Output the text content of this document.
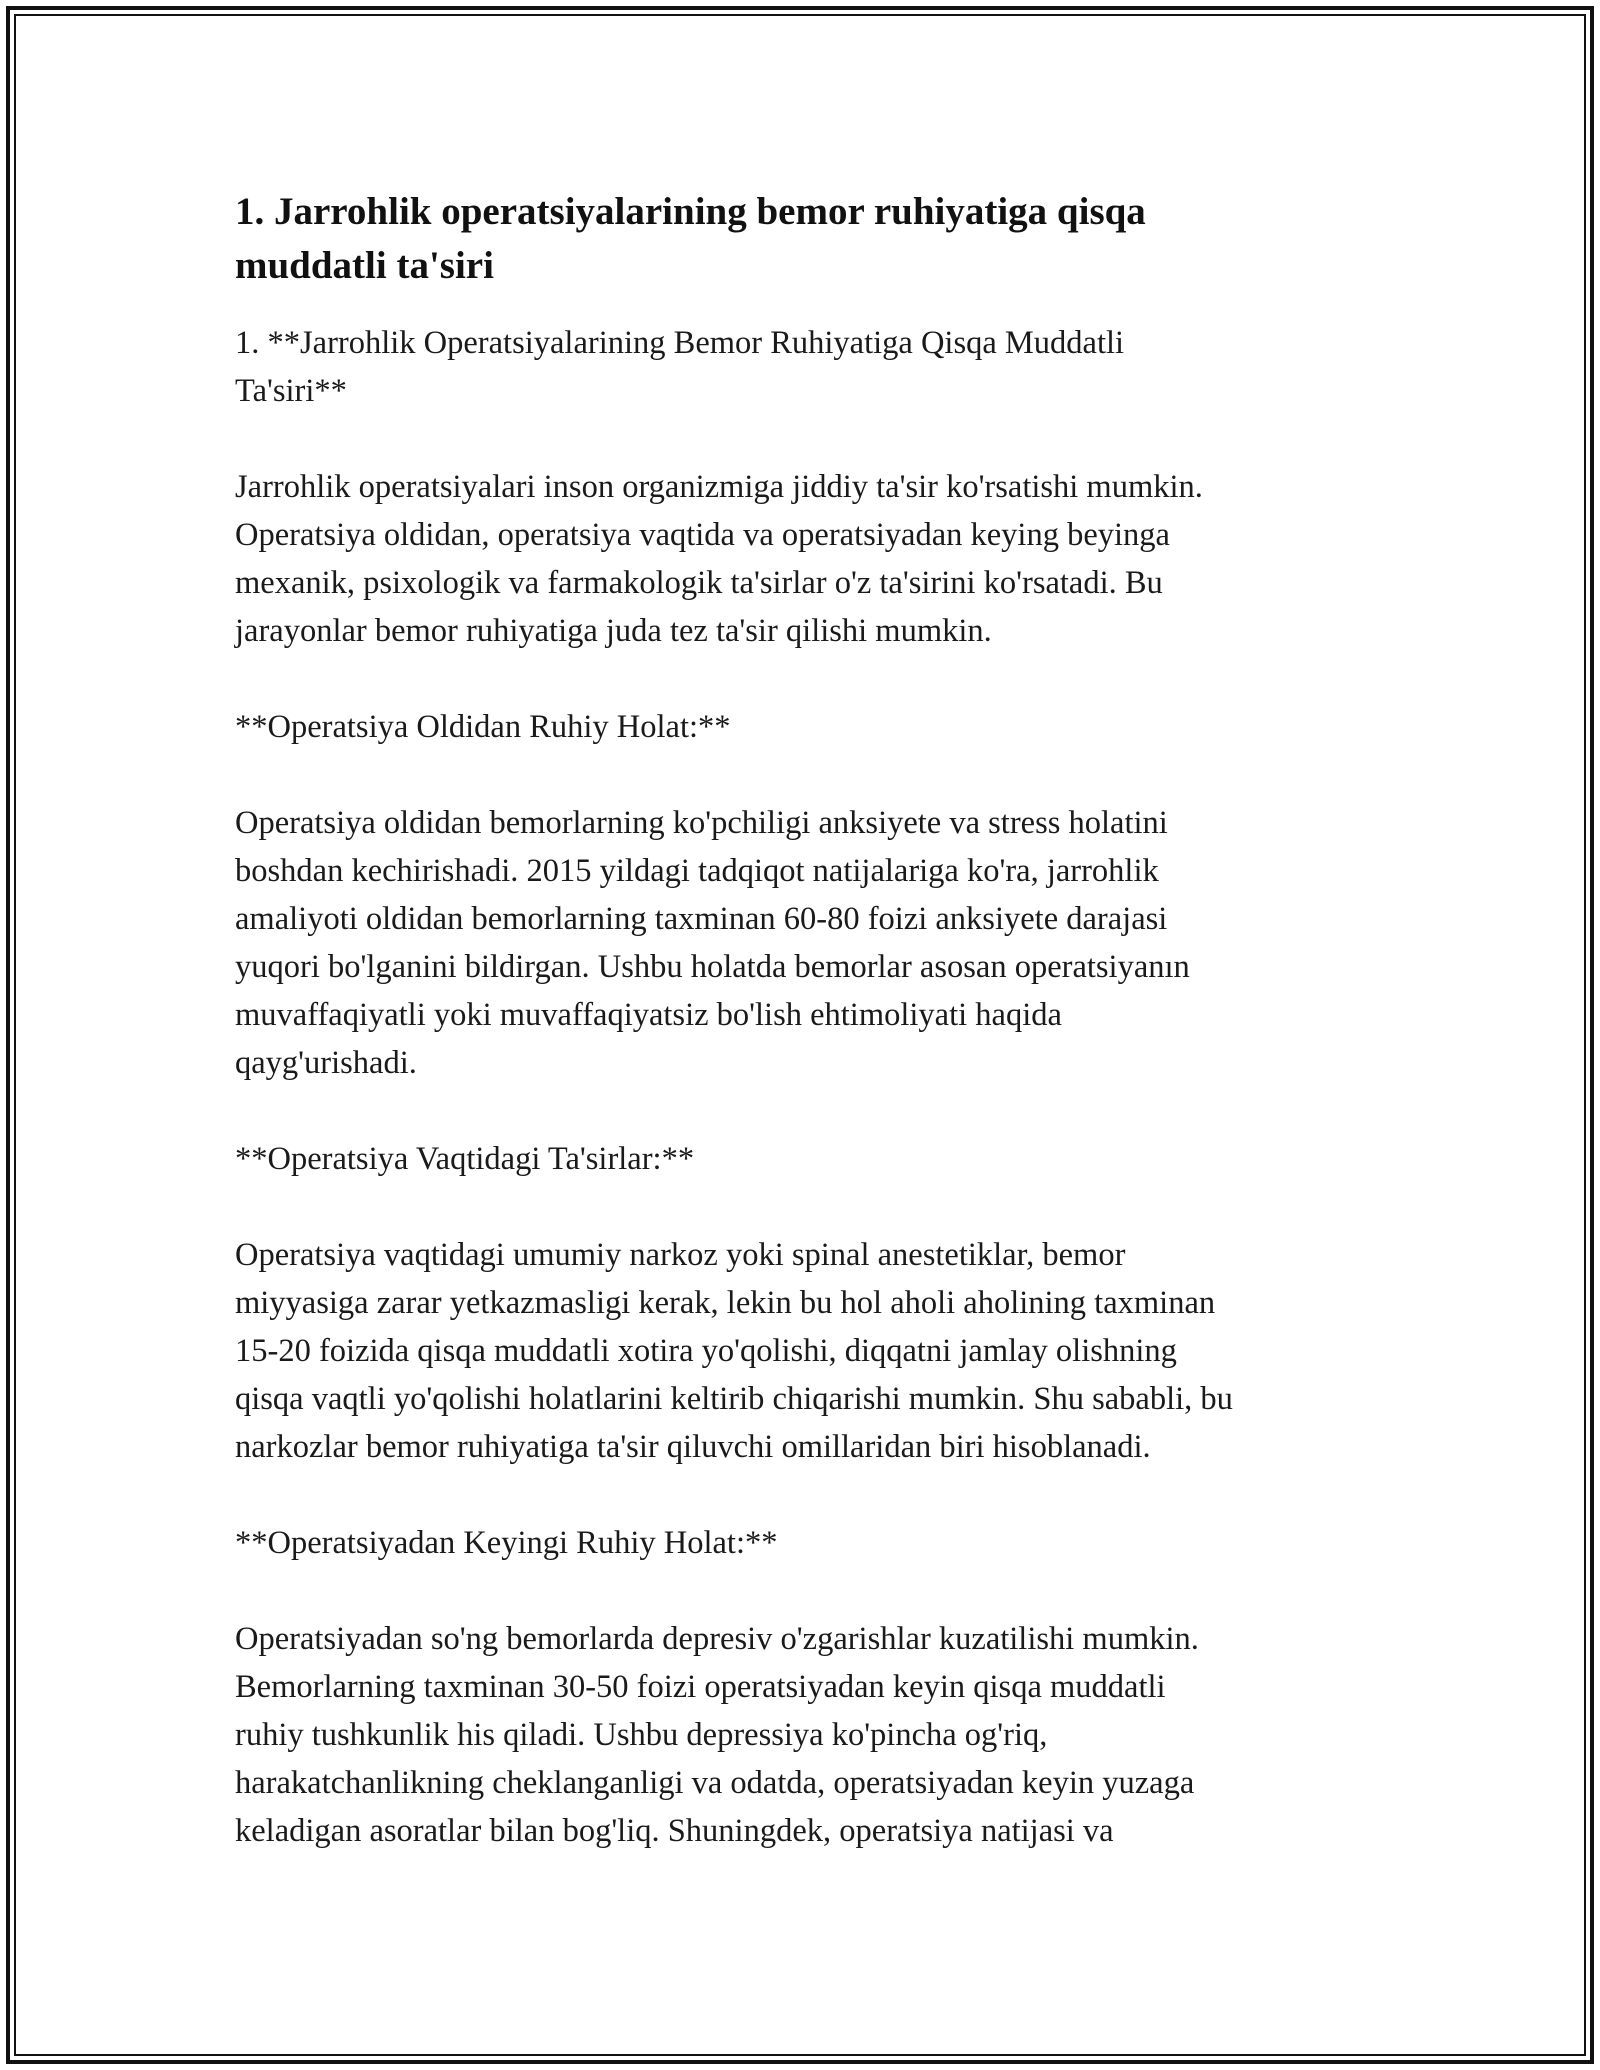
1. Jarrohlik operatsiyalarining bemor ruhiyatiga qisqa
muddatli ta'siri

1. **Jarrohlik Operatsiyalarining Bemor Ruhiyatiga Qisqa Muddatli
Ta'siri**

Jarrohlik operatsiyalari inson organizmiga jiddiy ta'sir ko'rsatishi mumkin.
Operatsiya oldidan, operatsiya vaqtida va operatsiyadan keying beyinga
mexanik, psixologik va farmakologik ta'sirlar o'z ta'sirini ko'rsatadi. Bu
jarayonlar bemor ruhiyatiga juda tez ta'sir qilishi mumkin.

**Operatsiya Oldidan Ruhiy Holat:**

Operatsiya oldidan bemorlarning ko'pchiligi anksiyete va stress holatini
boshdan kechirishadi. 2015 yildagi tadqiqot natijalariga ko'ra, jarrohlik
amaliyoti oldidan bemorlarning taxminan 60-80 foizi anksiyete darajasi
yuqori bo'lganini bildirgan. Ushbu holatda bemorlar asosan operatsiyanın
muvaffaqiyatli yoki muvaffaqiyatsiz bo'lish ehtimoliyati haqida
qayg'urishadi.

**Operatsiya Vaqtidagi Ta'sirlar:**

Operatsiya vaqtidagi umumiy narkoz yoki spinal anestetiklar, bemor
miyyasiga zarar yetkazmasligi kerak, lekin bu hol aholi aholining taxminan
15-20 foizida qisqa muddatli xotira yo'qolishi, diqqatni jamlay olishning
qisqa vaqtli yo'qolishi holatlarini keltirib chiqarishi mumkin. Shu sababli, bu
narkozlar bemor ruhiyatiga ta'sir qiluvchi omillaridan biri hisoblanadi.

**Operatsiyadan Keyingi Ruhiy Holat:**

Operatsiyadan so'ng bemorlarda depresiv o'zgarishlar kuzatilishi mumkin.
Bemorlarning taxminan 30-50 foizi operatsiyadan keyin qisqa muddatli
ruhiy tushkunlik his qiladi. Ushbu depressiya ko'pincha og'riq,
harakatchanlikning cheklanganligi va odatda, operatsiyadan keyin yuzaga
keladigan asoratlar bilan bog'liq. Shuningdek, operatsiya natijasi va
